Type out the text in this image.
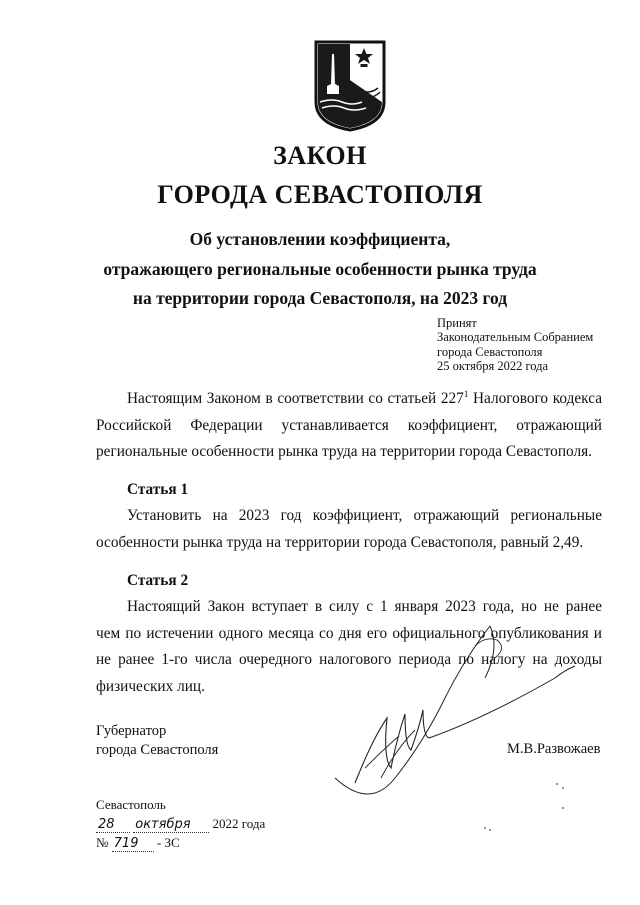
ЗАКОН
ГОРОДА СЕВАСТОПОЛЯ
Об установлении коэффициента,
отражающего региональные особенности рынка труда
на территории города Севастополя, на 2023 год
Принят
Законодательным Собранием
города Севастополя
25 октября 2022 года
Настоящим Законом в соответствии со статьей $227^1$ Налогового кодекса
Российской Федерации устанавливается коэффициент, отражающий
региональные особенности рынка труда на территории города Севастополя.
Статья 1
Установить на 2023 год коэффициент, отражающий региональные
особенности рынка труда на территории города Севастополя, равный 2,49.
Статья 2
Настоящий Закон вступает в силу с 1 января 2023 года, но не ранее
чем по истечении одного месяца со дня его официального опубликования и
не ранее 1-го числа очередного налогового периода по налогу на доходы
физических лиц.
Губернатор
города Севастополя	М.В.Развожаев
Севастополь
28 октября 2022 года
№ 719 - ЗС
